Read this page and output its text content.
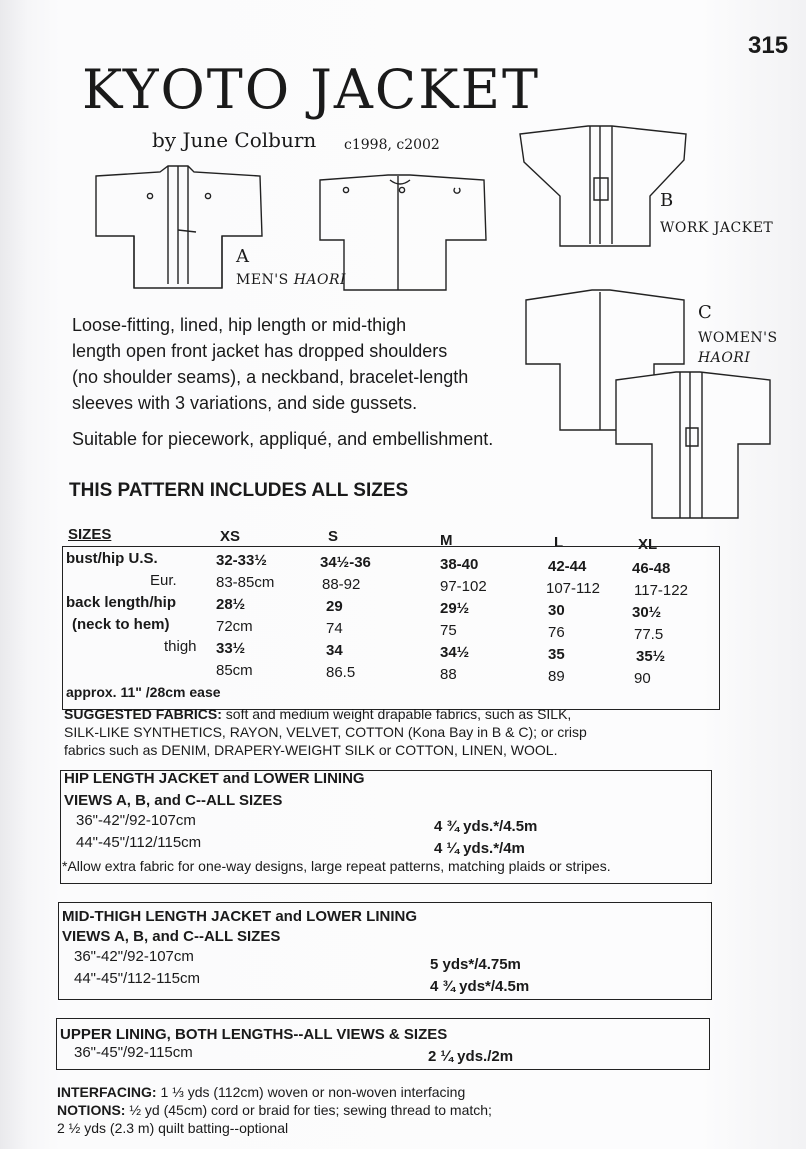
315
KYOTO JACKET
by June Colburn c1998, c2002
A
MEN'S HAORI
B
WORK JACKET
C
WOMEN'S
HAORI
Loose-fitting, lined, hip length or mid-thigh
length open front jacket has dropped shoulders
(no shoulder seams), a neckband, bracelet-length
sleeves with 3 variations, and side gussets.
Suitable for piecework, appliqué, and embellishment.
THIS PATTERN INCLUDES ALL SIZES
SIZES	XS	S	M	L	XL
bust/hip U.S.	32-33½	34½-36	38-40	42-44	46-48
Eur.	83-85cm	88-92	97-102	107-112 117-122
back length/hip	28½	29	29½	30	30½
(neck to hem)	72cm	74	75	76	77.5
thigh 33½	34	34½	35	35½
85cm	86.5	88	89	90
approx. 11" /28cm ease
SUGGESTED FABRICS: soft and medium weight drapable fabrics, such as SILK,
SILK-LIKE SYNTHETICS, RAYON, VELVET, COTTON (Kona Bay in B & C); or crisp
fabrics such as DENIM, DRAPERY-WEIGHT SILK or COTTON, LINEN, WOOL.
HIP LENGTH JACKET and LOWER LINING
VIEWS A, B, and C--ALL SIZES
36"-42"/92-107cm	4 ¾ yds.*/4.5m
44"-45"/112/115cm	4 ¼ yds.*/4m
*Allow extra fabric for one-way designs, large repeat patterns, matching plaids or stripes.
MID-THIGH LENGTH JACKET and LOWER LINING
VIEWS A, B, and C--ALL SIZES
36"-42"/92-107cm	5 yds*/4.75m
44"-45"/112-115cm	4 ¾ yds*/4.5m
UPPER LINING, BOTH LENGTHS--ALL VIEWS & SIZES
36"-45"/92-115cm	2 ¼ yds./2m
INTERFACING: 1 ⅓ yds (112cm) woven or non-woven interfacing
NOTIONS: ½ yd (45cm) cord or braid for ties; sewing thread to match;
2 ½ yds (2.3 m) quilt batting--optional
